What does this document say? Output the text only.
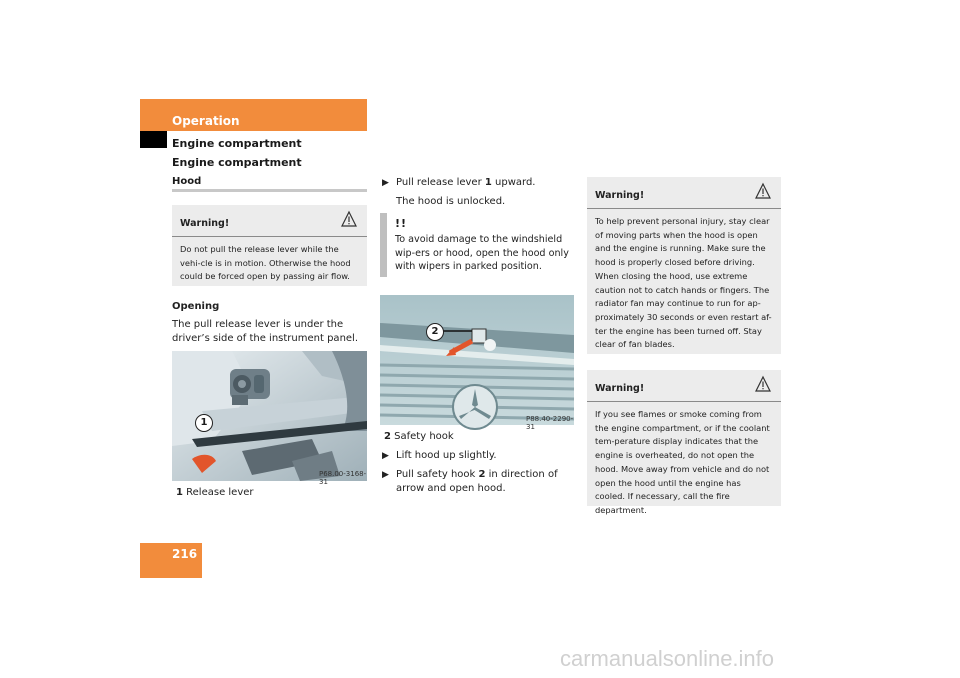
Operation
Engine compartment
Engine compartment
Hood
Warning!
Do not pull the release lever while the vehi-cle is in motion. Otherwise the hood could be forced open by passing air flow.
Opening
The pull release lever is under the driver’s side of the instrument panel.
1
P68.00-3168-31
1 Release lever
▶ Pull release lever 1 upward.
The hood is unlocked.
!!
To avoid damage to the windshield wip-ers or hood, open the hood only with wipers in parked position.
2
P88.40-2290-31
2 Safety hook
▶ Lift hood up slightly.
▶ Pull safety hook 2 in direction of arrow and open hood.
Warning!
To help prevent personal injury, stay clear of moving parts when the hood is open and the engine is running. Make sure the hood is properly closed before driving. When closing the hood, use extreme caution not to catch hands or fingers. The radiator fan may continue to run for ap-proximately 30 seconds or even restart af-ter the engine has been turned off. Stay clear of fan blades.
Warning!
If you see flames or smoke coming from the engine compartment, or if the coolant tem-perature display indicates that the engine is overheated, do not open the hood. Move away from vehicle and do not open the hood until the engine has cooled. If necessary, call the fire department.
216
carmanualsonline.info
